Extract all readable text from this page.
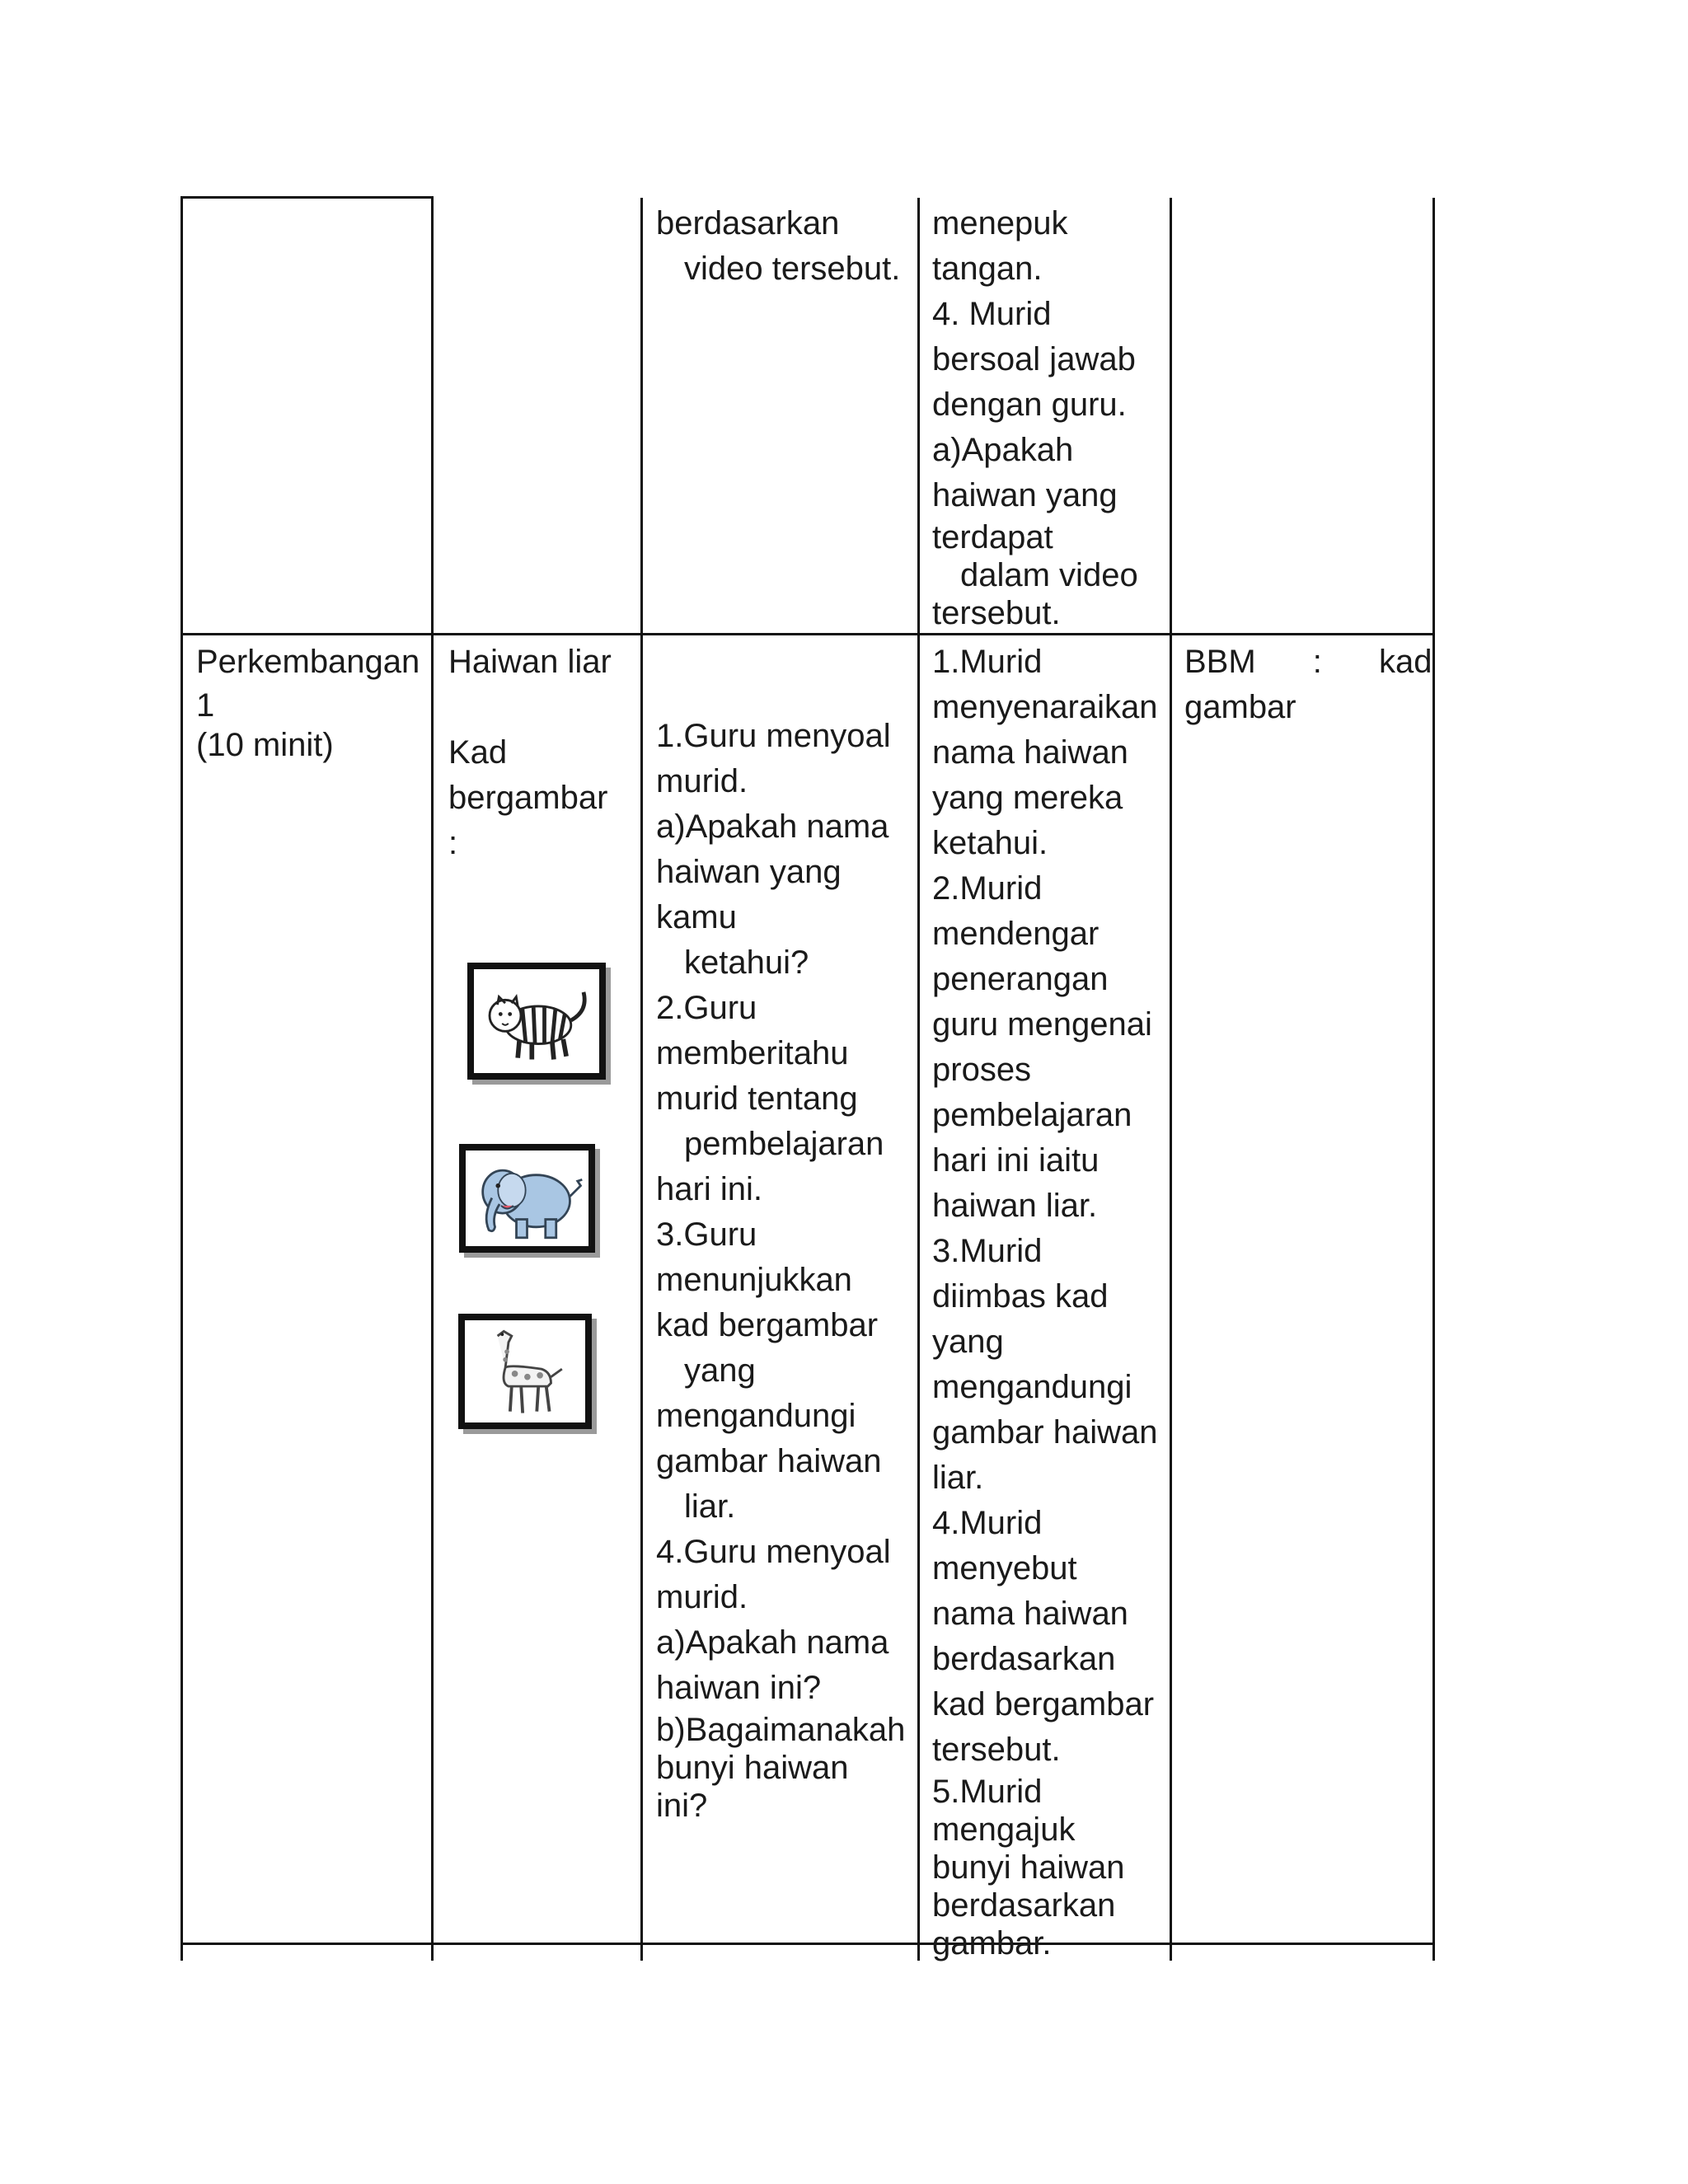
berdasarkan
video tersebut.
menepuk
tangan.
4. Murid
bersoal jawab
dengan guru.
a)Apakah
haiwan yang
terdapat
dalam video
tersebut.
Perkembangan
1
(10 minit)
Haiwan liar

Kad
bergambar
:
1.Guru menyoal
murid.
a)Apakah nama
haiwan yang
kamu
ketahui?
2.Guru
memberitahu
murid tentang
pembelajaran
hari ini.
3.Guru
menunjukkan
kad bergambar
yang
mengandungi
gambar haiwan
liar.
4.Guru menyoal
murid.
a)Apakah nama
haiwan ini?
b)Bagaimanakah
bunyi haiwan
ini?
1.Murid
menyenaraikan
nama haiwan
yang mereka
ketahui.
2.Murid
mendengar
penerangan
guru mengenai
proses
pembelajaran
hari ini iaitu
haiwan liar.
3.Murid
diimbas kad
yang
mengandungi
gambar haiwan
liar.
4.Murid
menyebut
nama haiwan
berdasarkan
kad bergambar
tersebut.
5.Murid
mengajuk
bunyi haiwan
berdasarkan
gambar.
BBM : kad
gambar
